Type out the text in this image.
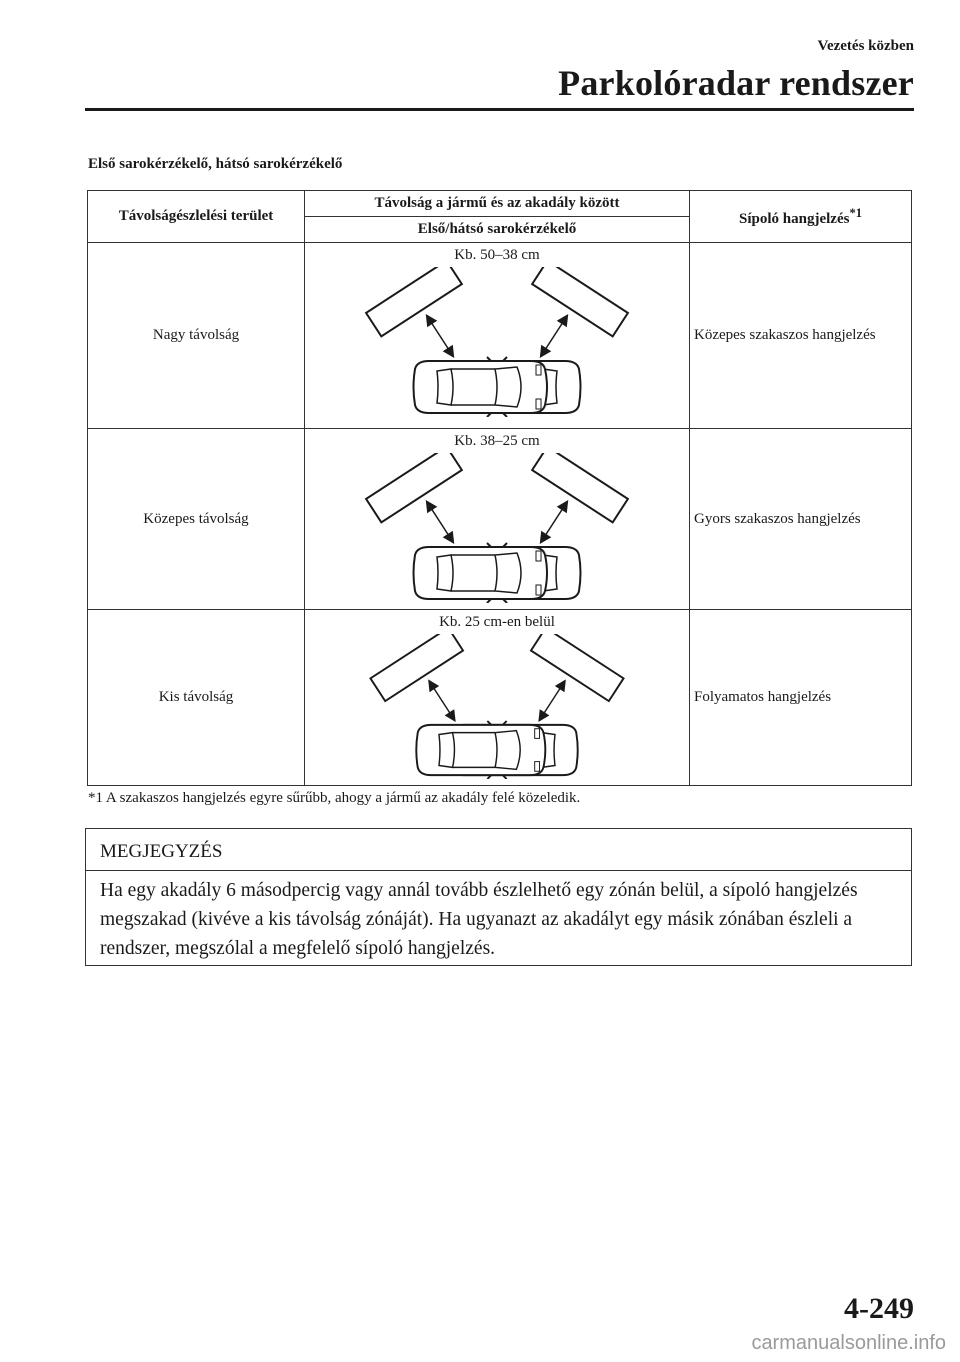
Vezetés közben
Parkolóradar rendszer
Első sarokérzékelő, hátsó sarokérzékelő
Távolságészlelési terület	Távolság a jármű és az akadály között	Sípoló hangjelzés$^{*1}$
	Első/hátsó sarokérzékelő	
Nagy távolság	Kb. 50–38 cm	Közepes szakaszos hangjelzés
Közepes távolság	Kb. 38–25 cm	Gyors szakaszos hangjelzés
Kis távolság	Kb. 25 cm-en belül	Folyamatos hangjelzés
*1 A szakaszos hangjelzés egyre sűrűbb, ahogy a jármű az akadály felé közeledik.
MEGJEGYZÉS
Ha egy akadály 6 másodpercig vagy annál tovább észlelhető egy zónán belül, a sípoló hangjelzés megszakad (kivéve a kis távolság zónáját). Ha ugyanazt az akadályt egy másik zónában észleli a rendszer, megszólal a megfelelő sípoló hangjelzés.
4-249
carmanualsonline.info
